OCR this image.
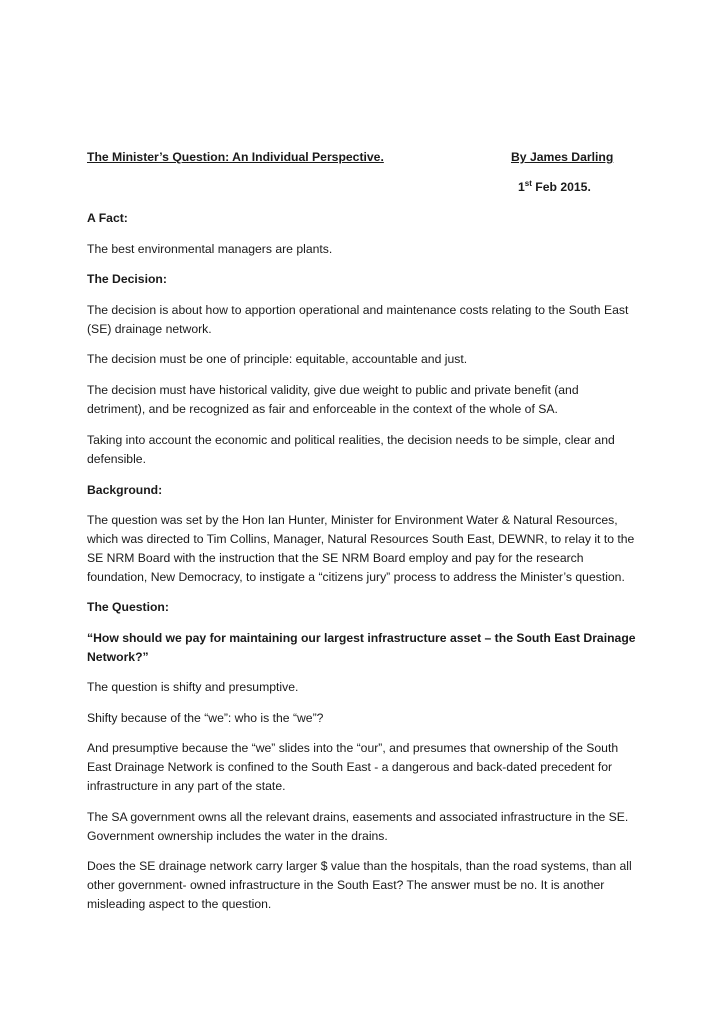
The Minister’s Question: An Individual Perspective.	By James Darling

1st Feb 2015.

A Fact:

The best environmental managers are plants.

The Decision:

The decision is about how to apportion operational and maintenance costs relating to the South East

(SE) drainage network.

The decision must be one of principle: equitable, accountable and just.

The decision must have historical validity, give due weight to public and private benefit (and

detriment), and be recognized as fair and enforceable in the context of the whole of SA.

Taking into account the economic and political realities, the decision needs to be simple, clear and

defensible.

Background:

The question was set by the Hon Ian Hunter, Minister for Environment Water & Natural Resources,

which was directed to Tim Collins, Manager, Natural Resources South East, DEWNR, to relay it to the

SE NRM Board with the instruction that the SE NRM Board employ and pay for the research

foundation, New Democracy, to instigate a “citizens jury” process to address the Minister’s question.

The Question:

“How should we pay for maintaining our largest infrastructure asset – the South East Drainage

Network?”

The question is shifty and presumptive.

Shifty because of the “we”: who is the “we”?

And presumptive because the “we” slides into the “our”, and presumes that ownership of the South

East Drainage Network is confined to the South East - a dangerous and back-dated precedent for

infrastructure in any part of the state.

The SA government owns all the relevant drains, easements and associated infrastructure in the SE.

Government ownership includes the water in the drains.

Does the SE drainage network carry larger $ value than the hospitals, than the road systems, than all

other government- owned infrastructure in the South East? The answer must be no. It is another

misleading aspect to the question.
